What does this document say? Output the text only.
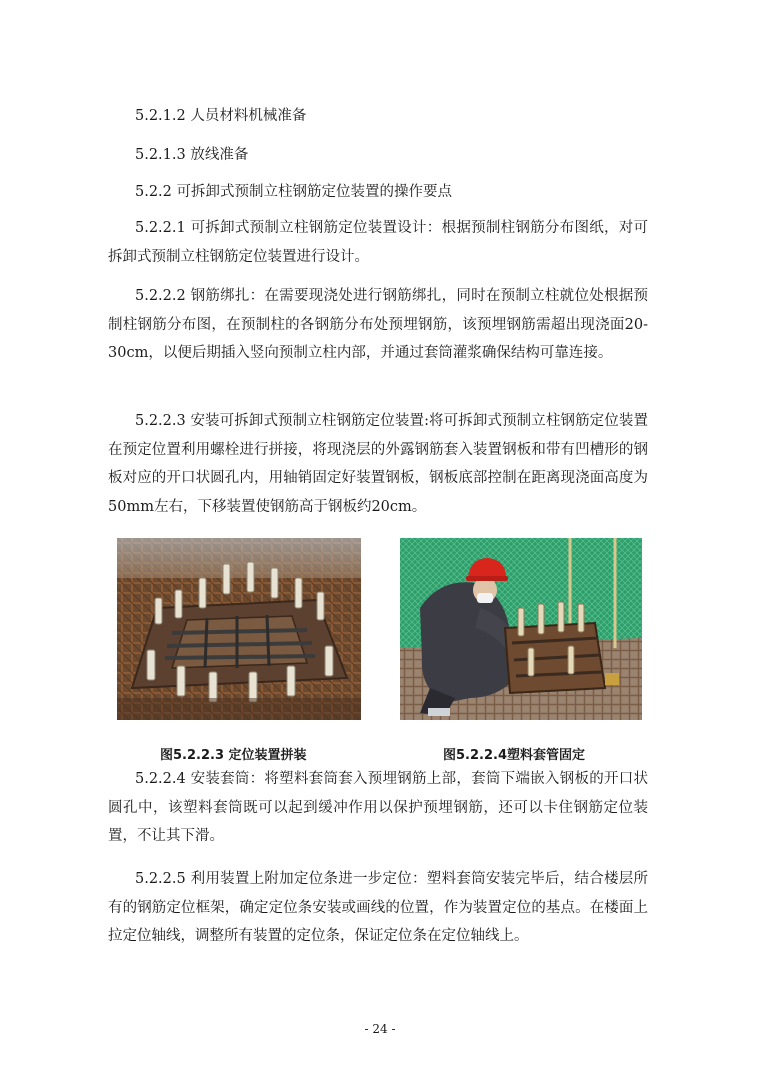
5.2.1.2 人员材料机械准备

5.2.1.3 放线准备

5.2.2 可拆卸式预制立柱钢筋定位装置的操作要点

5.2.2.1 可拆卸式预制立柱钢筋定位装置设计：根据预制柱钢筋分布图纸，对可拆卸式预制立柱钢筋定位装置进行设计。

5.2.2.2 钢筋绑扎：在需要现浇处进行钢筋绑扎，同时在预制立柱就位处根据预制柱钢筋分布图，在预制柱的各钢筋分布处预埋钢筋，该预埋钢筋需超出现浇面20-30cm，以便后期插入竖向预制立柱内部，并通过套筒灌浆确保结构可靠连接。

5.2.2.3 安装可拆卸式预制立柱钢筋定位装置:将可拆卸式预制立柱钢筋定位装置在预定位置利用螺栓进行拼接，将现浇层的外露钢筋套入装置钢板和带有凹槽形的钢板对应的开口状圆孔内，用轴销固定好装置钢板，钢板底部控制在距离现浇面高度为50mm左右，下移装置使钢筋高于钢板约20cm。

图5.2.2.3 定位装置拼装	图5.2.2.4塑料套管固定

5.2.2.4 安装套筒：将塑料套筒套入预埋钢筋上部，套筒下端嵌入钢板的开口状圆孔中，该塑料套筒既可以起到缓冲作用以保护预埋钢筋，还可以卡住钢筋定位装置，不让其下滑。

5.2.2.5 利用装置上附加定位条进一步定位：塑料套筒安装完毕后，结合楼层所有的钢筋定位框架，确定定位条安装或画线的位置，作为装置定位的基点。在楼面上拉定位轴线，调整所有装置的定位条，保证定位条在定位轴线上。

- 24 -
